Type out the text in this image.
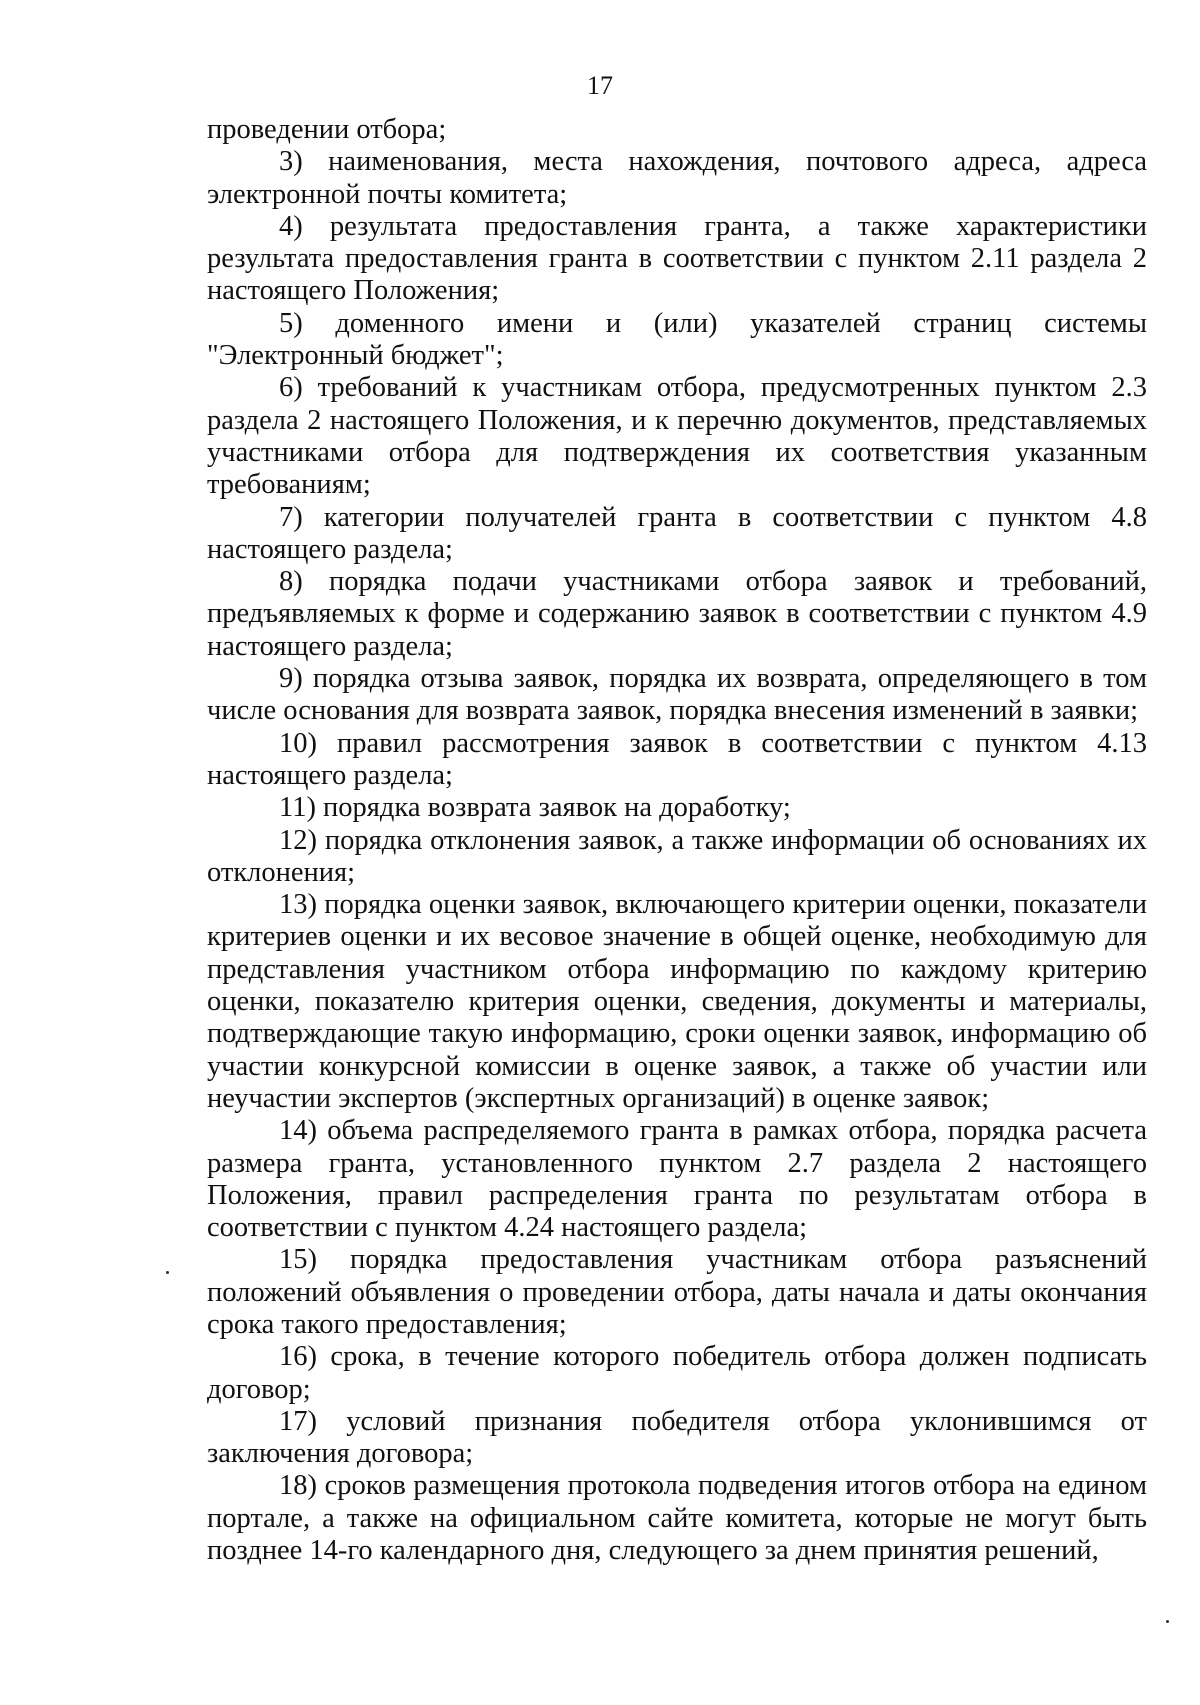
17

проведении отбора;

3) наименования, места нахождения, почтового адреса, адреса электронной почты комитета;

4) результата предоставления гранта, а также характеристики результата предоставления гранта в соответствии с пунктом 2.11 раздела 2 настоящего Положения;

5) доменного имени и (или) указателей страниц системы "Электронный бюджет";

6) требований к участникам отбора, предусмотренных пунктом 2.3 раздела 2 настоящего Положения, и к перечню документов, представляемых участниками отбора для подтверждения их соответствия указанным требованиям;

7) категории получателей гранта в соответствии с пунктом 4.8 настоящего раздела;

8) порядка подачи участниками отбора заявок и требований, предъявляемых к форме и содержанию заявок в соответствии с пунктом 4.9 настоящего раздела;

9) порядка отзыва заявок, порядка их возврата, определяющего в том числе основания для возврата заявок, порядка внесения изменений в заявки;

10) правил рассмотрения заявок в соответствии с пунктом 4.13 настоящего раздела;

11) порядка возврата заявок на доработку;

12) порядка отклонения заявок, а также информации об основаниях их отклонения;

13) порядка оценки заявок, включающего критерии оценки, показатели критериев оценки и их весовое значение в общей оценке, необходимую для представления участником отбора информацию по каждому критерию оценки, показателю критерия оценки, сведения, документы и материалы, подтверждающие такую информацию, сроки оценки заявок, информацию об участии конкурсной комиссии в оценке заявок, а также об участии или неучастии экспертов (экспертных организаций) в оценке заявок;

14) объема распределяемого гранта в рамках отбора, порядка расчета размера гранта, установленного пунктом 2.7 раздела 2 настоящего Положения, правил распределения гранта по результатам отбора в соответствии с пунктом 4.24 настоящего раздела;

15) порядка предоставления участникам отбора разъяснений положений объявления о проведении отбора, даты начала и даты окончания срока такого предоставления;

16) срока, в течение которого победитель отбора должен подписать договор;

17) условий признания победителя отбора уклонившимся от заключения договора;

18) сроков размещения протокола подведения итогов отбора на едином портале, а также на официальном сайте комитета, которые не могут быть позднее 14-го календарного дня, следующего за днем принятия решений,
